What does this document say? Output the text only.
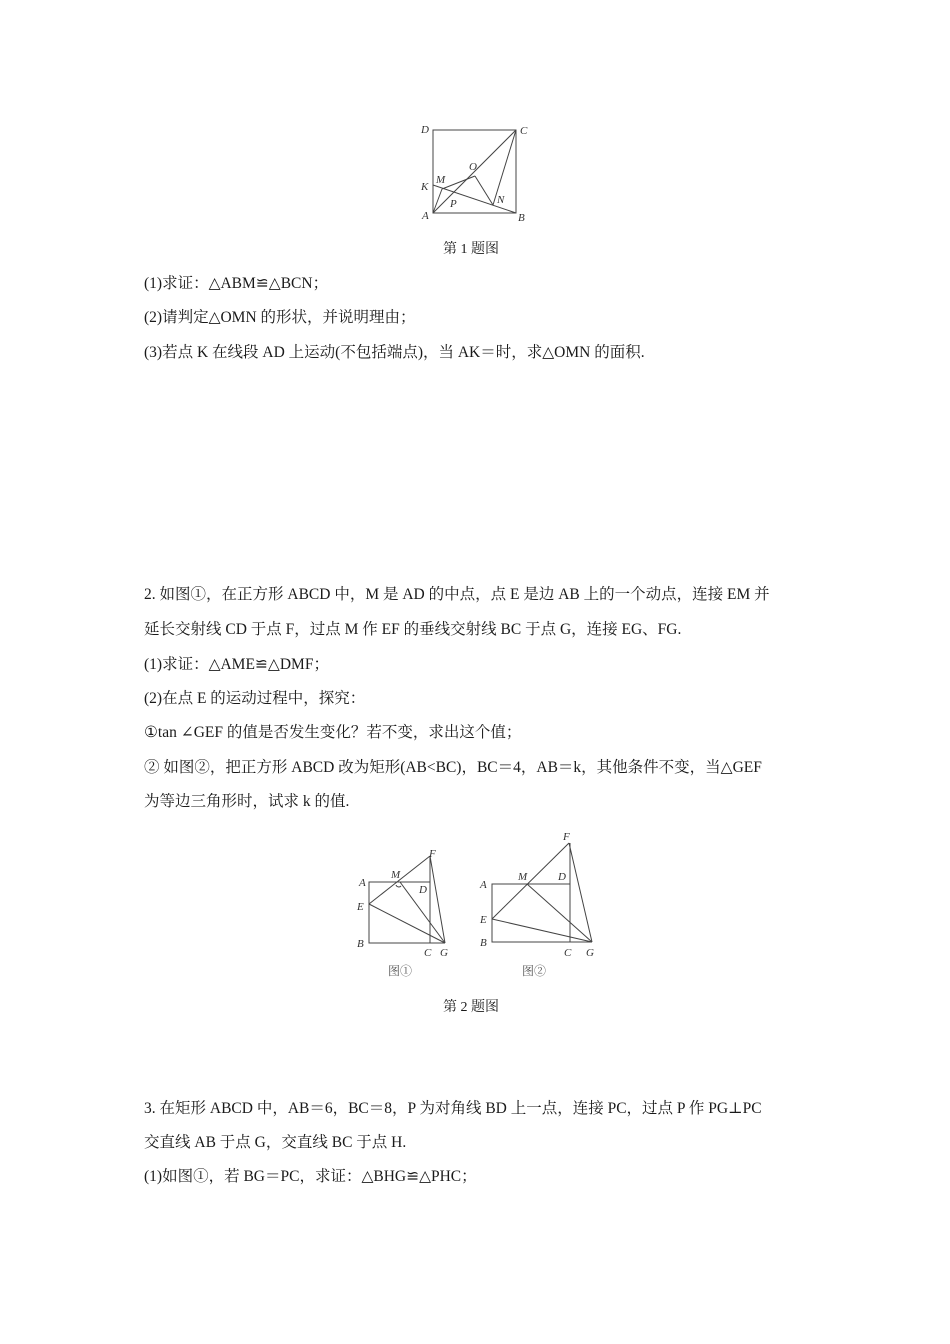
D	C
O
M
K
P	N
A	B
第 1 题图
(1)求证：△ABM≌△BCN；
(2)请判定△OMN 的形状，并说明理由；
(3)若点 K 在线段 AD 上运动(不包括端点)，当 AK＝时，求△OMN 的面积.
2. 如图①，在正方形 ABCD 中，M 是 AD 的中点，点 E 是边 AB 上的一个动点，连接 EM 并
延长交射线 CD 于点 F，过点 M 作 EF 的垂线交射线 BC 于点 G，连接 EG、FG.
(1)求证：△AME≌△DMF；
(2)在点 E 的运动过程中，探究：
①tan ∠GEF 的值是否发生变化？若不变，求出这个值；
② 如图②，把正方形 ABCD 改为矩形(AB<BC)，BC＝4，AB＝k，其他条件不变，当△GEF
为等边三角形时，试求 k 的值.
F
M
A
D
E
B
C G
F
M	D
A
E
B
C G
图①	图②
第 2 题图
3. 在矩形 ABCD 中，AB＝6，BC＝8，P 为对角线 BD 上一点，连接 PC，过点 P 作 PG⊥PC
交直线 AB 于点 G，交直线 BC 于点 H.
(1)如图①，若 BG＝PC，求证：△BHG≌△PHC；
